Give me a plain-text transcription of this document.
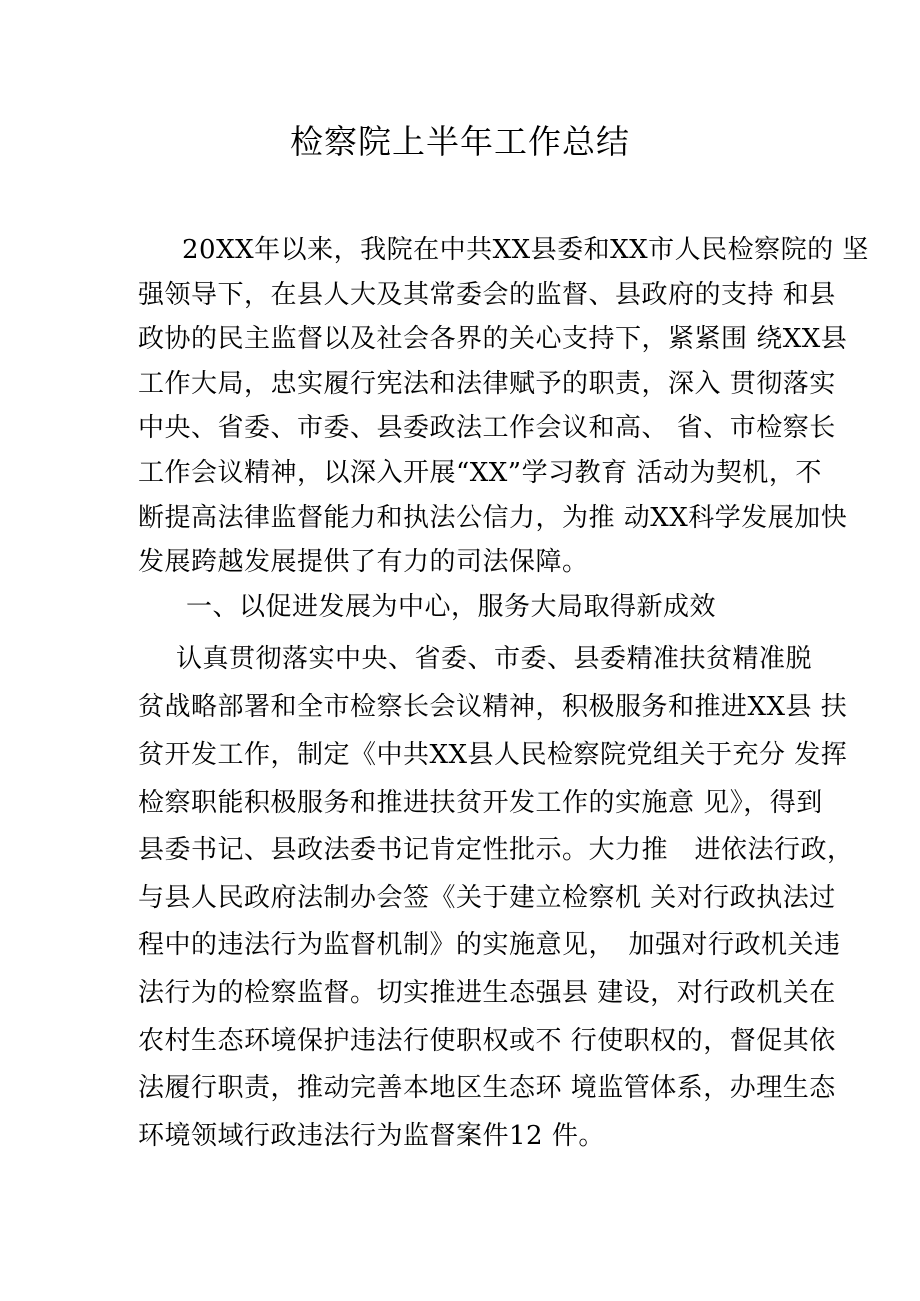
检察院上半年工作总结
20XX年以来，我院在中共XX县委和XX市人民检察院的 坚
强领导下，在县人大及其常委会的监督、县政府的支持 和县
政协的民主监督以及社会各界的关心支持下，紧紧围 绕XX县
工作大局，忠实履行宪法和法律赋予的职责，深入 贯彻落实
中央、省委、市委、县委政法工作会议和高、 省、市检察长
工作会议精神，以深入开展“XX”学习教育 活动为契机，不
断提高法律监督能力和执法公信力，为推 动XX科学发展加快
发展跨越发展提供了有力的司法保障。
一、以促进发展为中心，服务大局取得新成效
认真贯彻落实中央、省委、市委、县委精准扶贫精准脱
贫战略部署和全市检察长会议精神，积极服务和推进XX县 扶
贫开发工作，制定《中共XX县人民检察院党组关于充分 发挥
检察职能积极服务和推进扶贫开发工作的实施意 见》，得到
县委书记、县政法委书记肯定性批示。大力推　进依法行政，
与县人民政府法制办会签《关于建立检察机 关对行政执法过
程中的违法行为监督机制》的实施意见，　加强对行政机关违
法行为的检察监督。切实推进生态强县 建设，对行政机关在
农村生态环境保护违法行使职权或不 行使职权的，督促其依
法履行职责，推动完善本地区生态环 境监管体系，办理生态
环境领域行政违法行为监督案件12 件。
